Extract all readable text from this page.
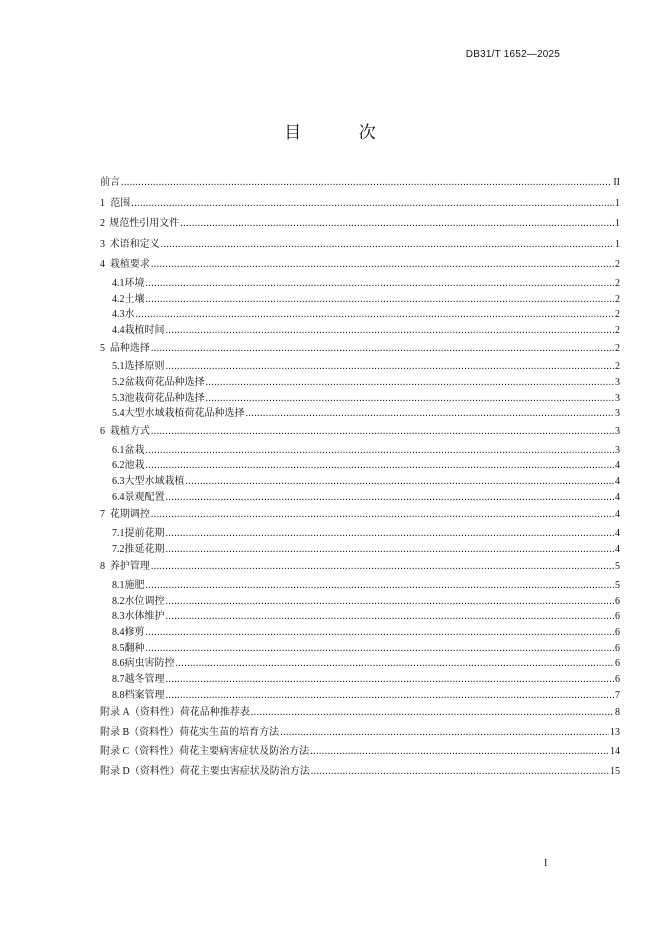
DB31/T 1652—2025
目 次
前言 .....	II
1 范围 .....	1
2 规范性引用文件 .....	1
3 术语和定义 .....	1
4 栽植要求 .....	2
4.1 环境 .....	2
4.2 土壤 .....	2
4.3 水 .....	2
4.4 栽植时间 .....	2
5 品种选择 .....	2
5.1 选择原则 .....	2
5.2 盆栽荷花品种选择 .....	3
5.3 池栽荷花品种选择 .....	3
5.4 大型水域栽植荷花品种选择 .....	3
6 栽植方式 .....	3
6.1 盆栽 .....	3
6.2 池栽 .....	4
6.3 大型水域栽植 .....	4
6.4 景观配置 .....	4
7 花期调控 .....	4
7.1 提前花期 .....	4
7.2 推延花期 .....	4
8 养护管理 .....	5
8.1 施肥 .....	5
8.2 水位调控 .....	6
8.3 水体维护 .....	6
8.4 修剪 .....	6
8.5 翻种 .....	6
8.6 病虫害防控 .....	6
8.7 越冬管理 .....	6
8.8 档案管理 .....	7
附录 A（资料性） 荷花品种推荐表 .....	8
附录 B（资料性） 荷花实生苗的培育方法 .....	13
附录 C（资料性） 荷花主要病害症状及防治方法 .....	14
附录 D（资料性） 荷花主要虫害症状及防治方法 .....	15
I
